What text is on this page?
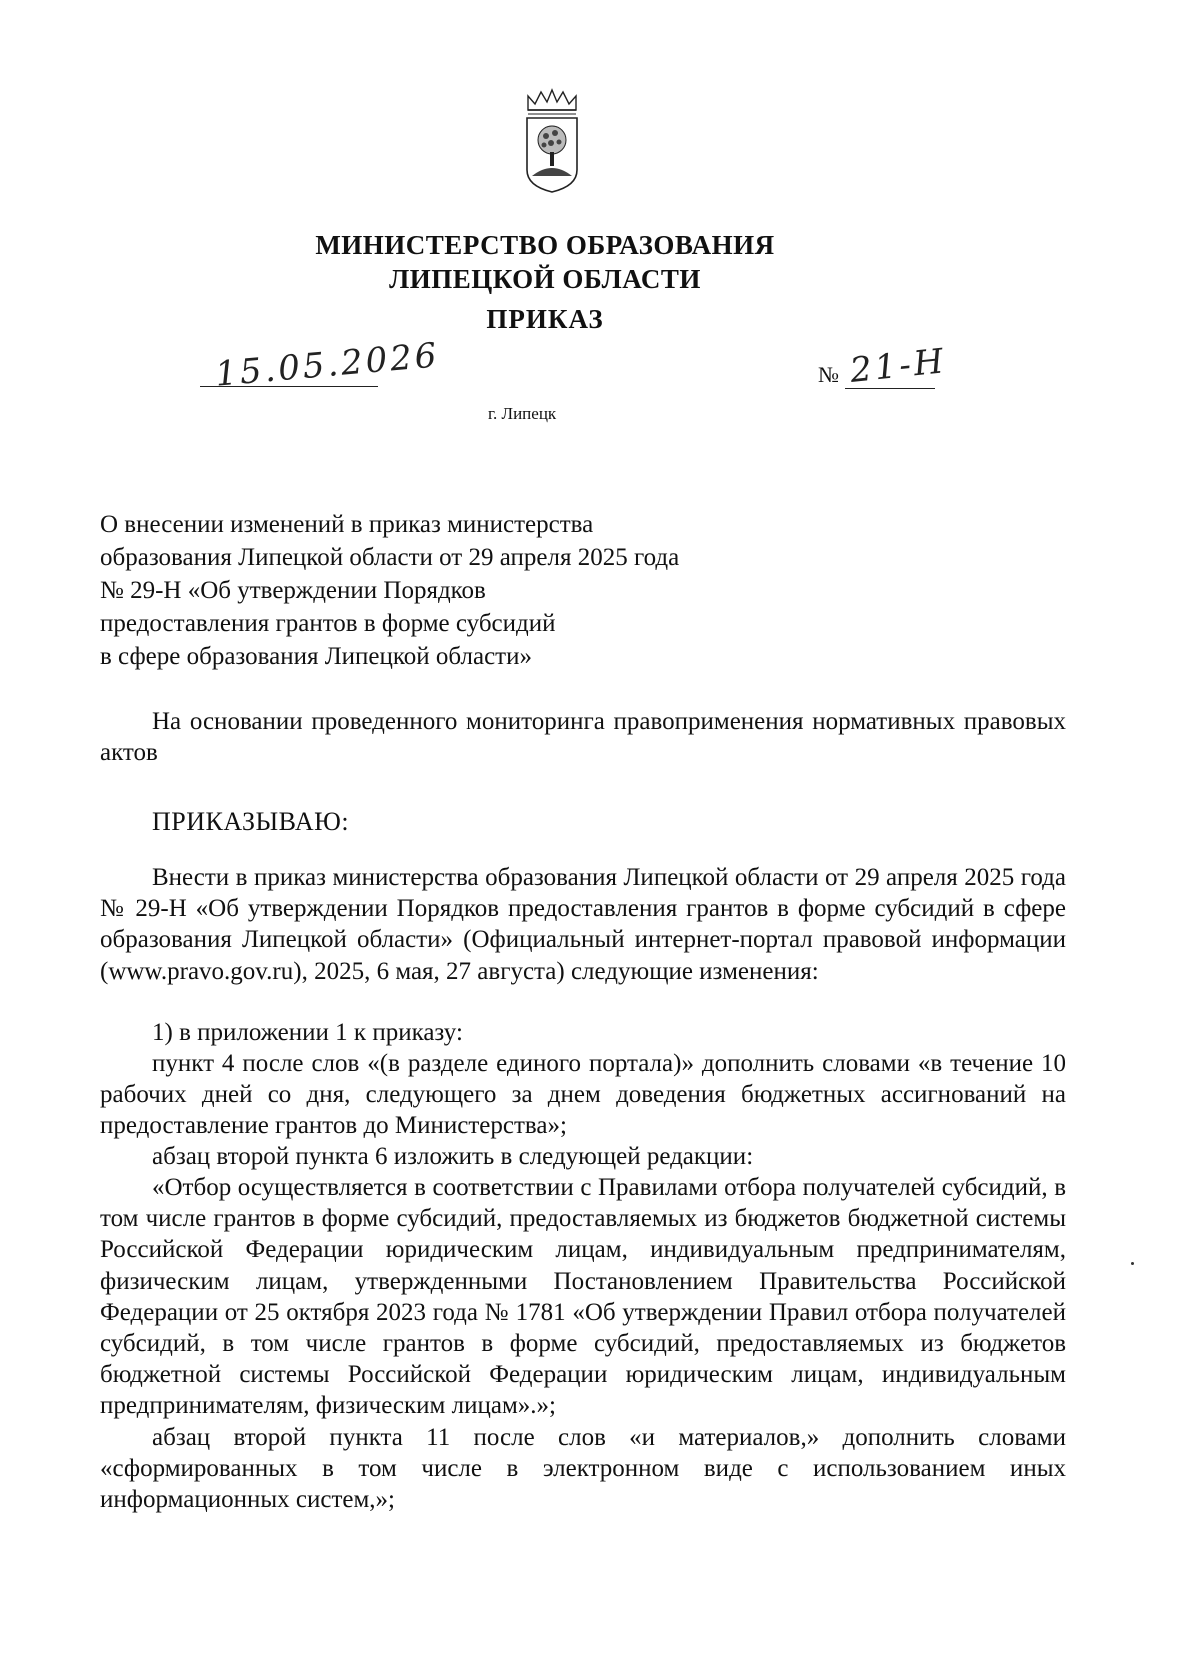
МИНИСТЕРСТВО ОБРАЗОВАНИЯ
ЛИПЕЦКОЙ ОБЛАСТИ
ПРИКАЗ
15.05.2026	№ 21-Н
г. Липецк
О внесении изменений в приказ министерства
образования Липецкой области от 29 апреля 2025 года
№ 29-Н «Об утверждении Порядков
предоставления грантов в форме субсидий
в сфере образования Липецкой области»
На основании проведенного мониторинга правоприменения нормативных правовых актов
ПРИКАЗЫВАЮ:
Внести в приказ министерства образования Липецкой области от 29 апреля 2025 года № 29-Н «Об утверждении Порядков предоставления грантов в форме субсидий в сфере образования Липецкой области» (Официальный интернет-портал правовой информации (www.pravo.gov.ru), 2025, 6 мая, 27 августа) следующие изменения:
1) в приложении 1 к приказу:
пункт 4 после слов «(в разделе единого портала)» дополнить словами «в течение 10 рабочих дней со дня, следующего за днем доведения бюджетных ассигнований на предоставление грантов до Министерства»;
абзац второй пункта 6 изложить в следующей редакции:
«Отбор осуществляется в соответствии с Правилами отбора получателей субсидий, в том числе грантов в форме субсидий, предоставляемых из бюджетов бюджетной системы Российской Федерации юридическим лицам, индивидуальным предпринимателям, физическим лицам, утвержденными Постановлением Правительства Российской Федерации от 25 октября 2023 года № 1781 «Об утверждении Правил отбора получателей субсидий, в том числе грантов в форме субсидий, предоставляемых из бюджетов бюджетной системы Российской Федерации юридическим лицам, индивидуальным предпринимателям, физическим лицам».»;
абзац второй пункта 11 после слов «и материалов,» дополнить словами «сформированных в том числе в электронном виде с использованием иных информационных систем,»;
